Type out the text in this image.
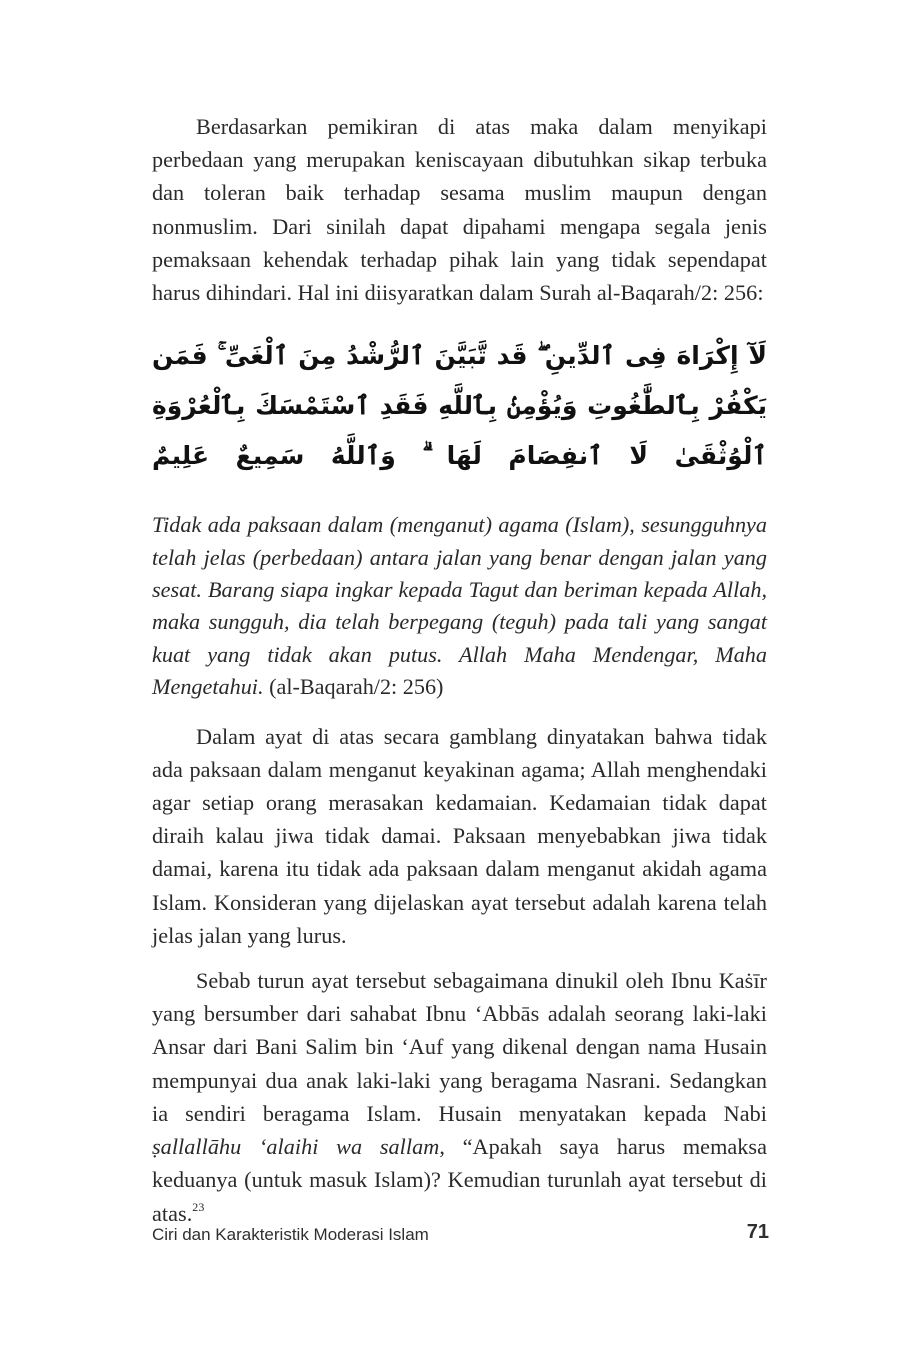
Berdasarkan pemikiran di atas maka dalam menyikapi perbedaan yang merupakan keniscayaan dibutuhkan sikap terbuka dan toleran baik terhadap sesama muslim maupun dengan nonmuslim. Dari sinilah dapat dipahami mengapa segala jenis pemaksaan kehendak terhadap pihak lain yang tidak sependapat harus dihindari. Hal ini diisyaratkan dalam Surah al-Baqarah/2: 256:

لَآ إِكْرَاهَ فِى ٱلدِّينِ ۖ قَد تَّبَيَّنَ ٱلرُّشْدُ مِنَ ٱلْغَىِّ ۚ فَمَن يَكْفُرْ بِٱلطَّٰغُوتِ وَيُؤْمِنۢ بِٱللَّهِ فَقَدِ ٱسْتَمْسَكَ بِٱلْعُرْوَةِ ٱلْوُثْقَىٰ لَا ٱنفِصَامَ لَهَا ۗ وَٱللَّهُ سَمِيعٌ عَلِيمٌ

Tidak ada paksaan dalam (menganut) agama (Islam), sesungguhnya telah jelas (perbedaan) antara jalan yang benar dengan jalan yang sesat. Barang siapa ingkar kepada Tagut dan beriman kepada Allah, maka sungguh, dia telah berpegang (teguh) pada tali yang sangat kuat yang tidak akan putus. Allah Maha Mendengar, Maha Mengetahui. (al-Baqarah/2: 256)

Dalam ayat di atas secara gamblang dinyatakan bahwa tidak ada paksaan dalam menganut keyakinan agama; Allah menghendaki agar setiap orang merasakan kedamaian. Kedamaian tidak dapat diraih kalau jiwa tidak damai. Paksaan menyebabkan jiwa tidak damai, karena itu tidak ada paksaan dalam menganut akidah agama Islam. Konsideran yang dijelaskan ayat tersebut adalah karena telah jelas jalan yang lurus.

Sebab turun ayat tersebut sebagaimana dinukil oleh Ibnu Kaṡīr yang bersumber dari sahabat Ibnu ‘Abbās adalah seorang laki-laki Ansar dari Bani Salim bin ‘Auf yang dikenal dengan nama Husain mempunyai dua anak laki-laki yang beragama Nasrani. Sedangkan ia sendiri beragama Islam. Husain menyatakan kepada Nabi ṣallallāhu ‘alaihi wa sallam, “Apakah saya harus memaksa keduanya (untuk masuk Islam)? Kemudian turunlah ayat tersebut di atas.$^{23}$

Ciri dan Karakteristik Moderasi Islam	71
